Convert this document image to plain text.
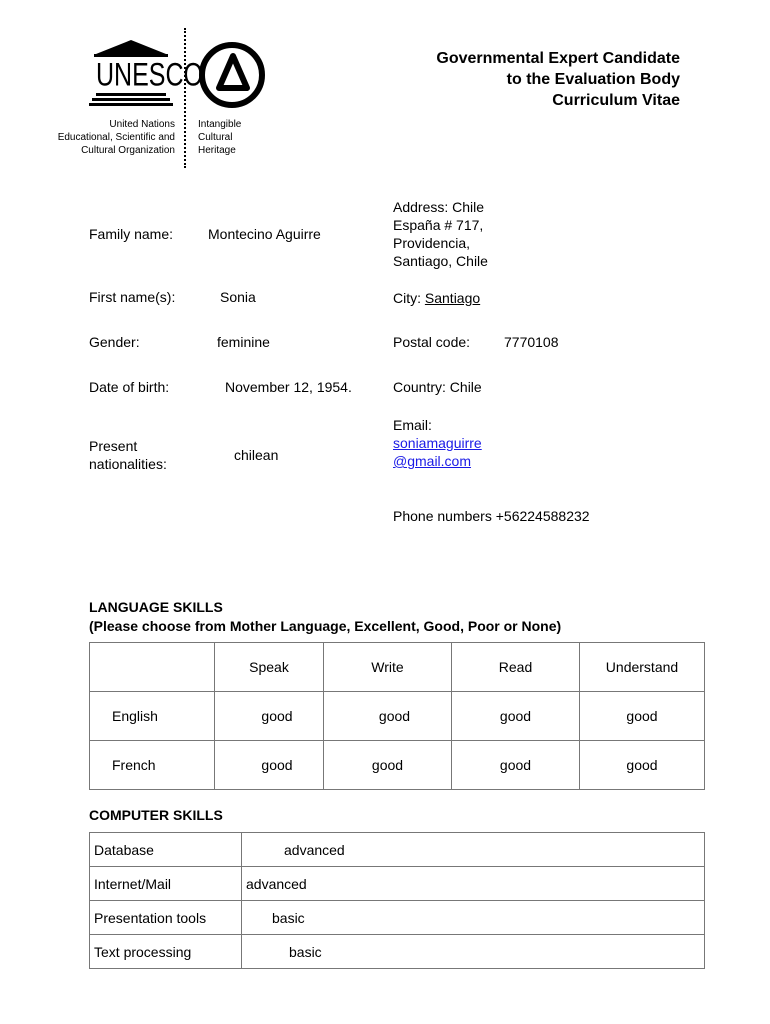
UNESCO
United Nations
Educational, Scientific and
Cultural Organization
Intangible
Cultural
Heritage
Governmental Expert Candidate
to the Evaluation Body
Curriculum Vitae
Family name: Montecino Aguirre
First name(s):	Sonia
Gender:	feminine
Date of birth:	November 12, 1954.
Present
nationalities:
chilean
Address: Chile
España # 717,
Providencia,
Santiago, Chile
City: Santiago
Postal code: 7770108
Country: Chile
Email:
soniamaguirre
@gmail.com
Phone numbers +56224588232
LANGUAGE SKILLS
(Please choose from Mother Language, Excellent, Good, Poor or None)
	Speak	Write	Read	Understand
English	good	good	good	good
French	good	good	good	good
COMPUTER SKILLS
Database	advanced
Internet/Mail	advanced
Presentation tools	basic
Text processing	basic
